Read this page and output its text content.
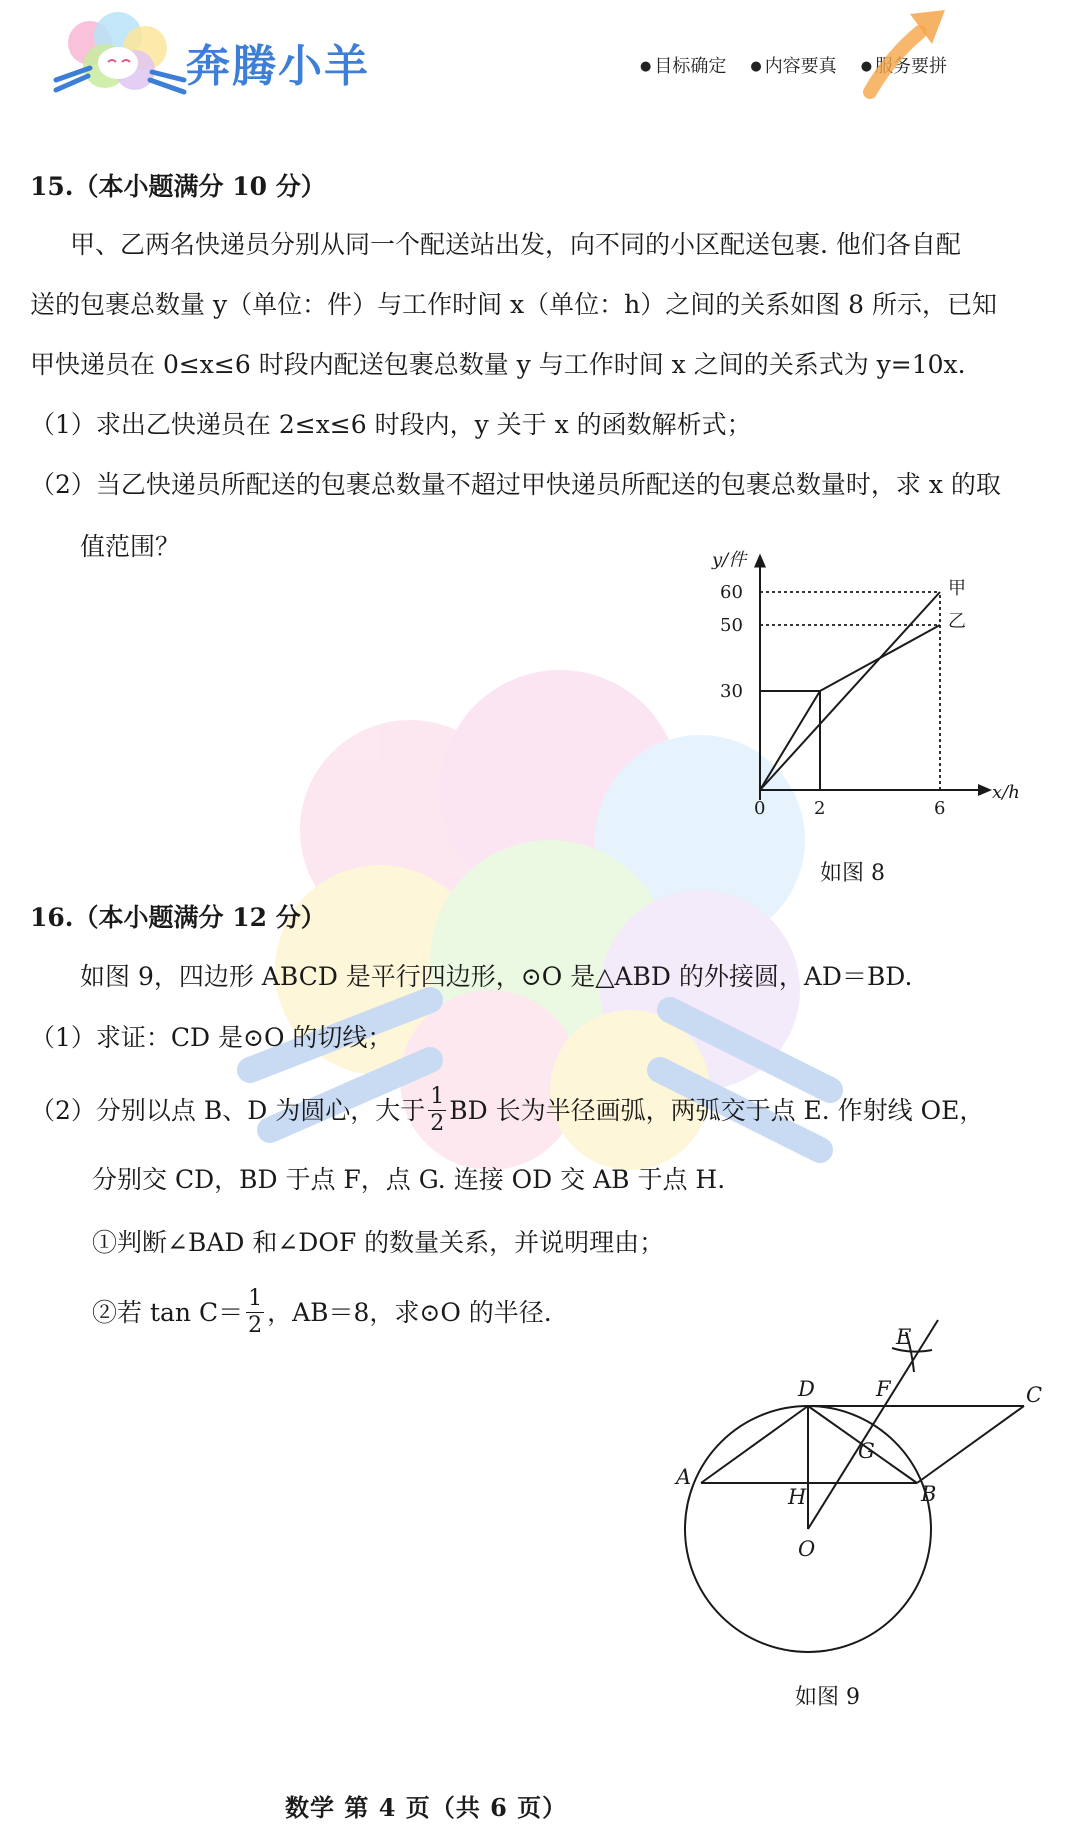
奔腾小羊	● 目标确定 ● 内容要真 ● 服务要拼
15.（本小题满分 10 分）
甲、乙两名快递员分别从同一个配送站出发，向不同的小区配送包裹. 他们各自配
送的包裹总数量 y（单位：件）与工作时间 x（单位：h）之间的关系如图 8 所示，已知
甲快递员在 0≤x≤6 时段内配送包裹总数量 y 与工作时间 x 之间的关系式为 y=10x.
（1）求出乙快递员在 2≤x≤6 时段内，y 关于 x 的函数解析式；
（2）当乙快递员所配送的包裹总数量不超过甲快递员所配送的包裹总数量时，求 x 的取
值范围？	y/件
x/h
0	2	6
30
50
60	甲
乙
如图 8
16.（本小题满分 12 分）
如图 9，四边形 ABCD 是平行四边形，⊙O 是△ABD 的外接圆，AD＝BD.
（1）求证：CD 是⊙O 的切线；
（2）分别以点 B、D 为圆心，大于 $\frac{1}{2}$ BD 长为半径画弧，两弧交于点 E. 作射线 OE，
分别交 CD，BD 于点 F，点 G. 连接 OD 交 AB 于点 H.
①判断∠BAD 和∠DOF 的数量关系，并说明理由；
②若 $\tan C= \frac{1}{2}$ ，AB＝8，求⊙O 的半径.
A
B
C
D
E
F
G
H
O
如图 9
数学 第 4 页（共 6 页）
